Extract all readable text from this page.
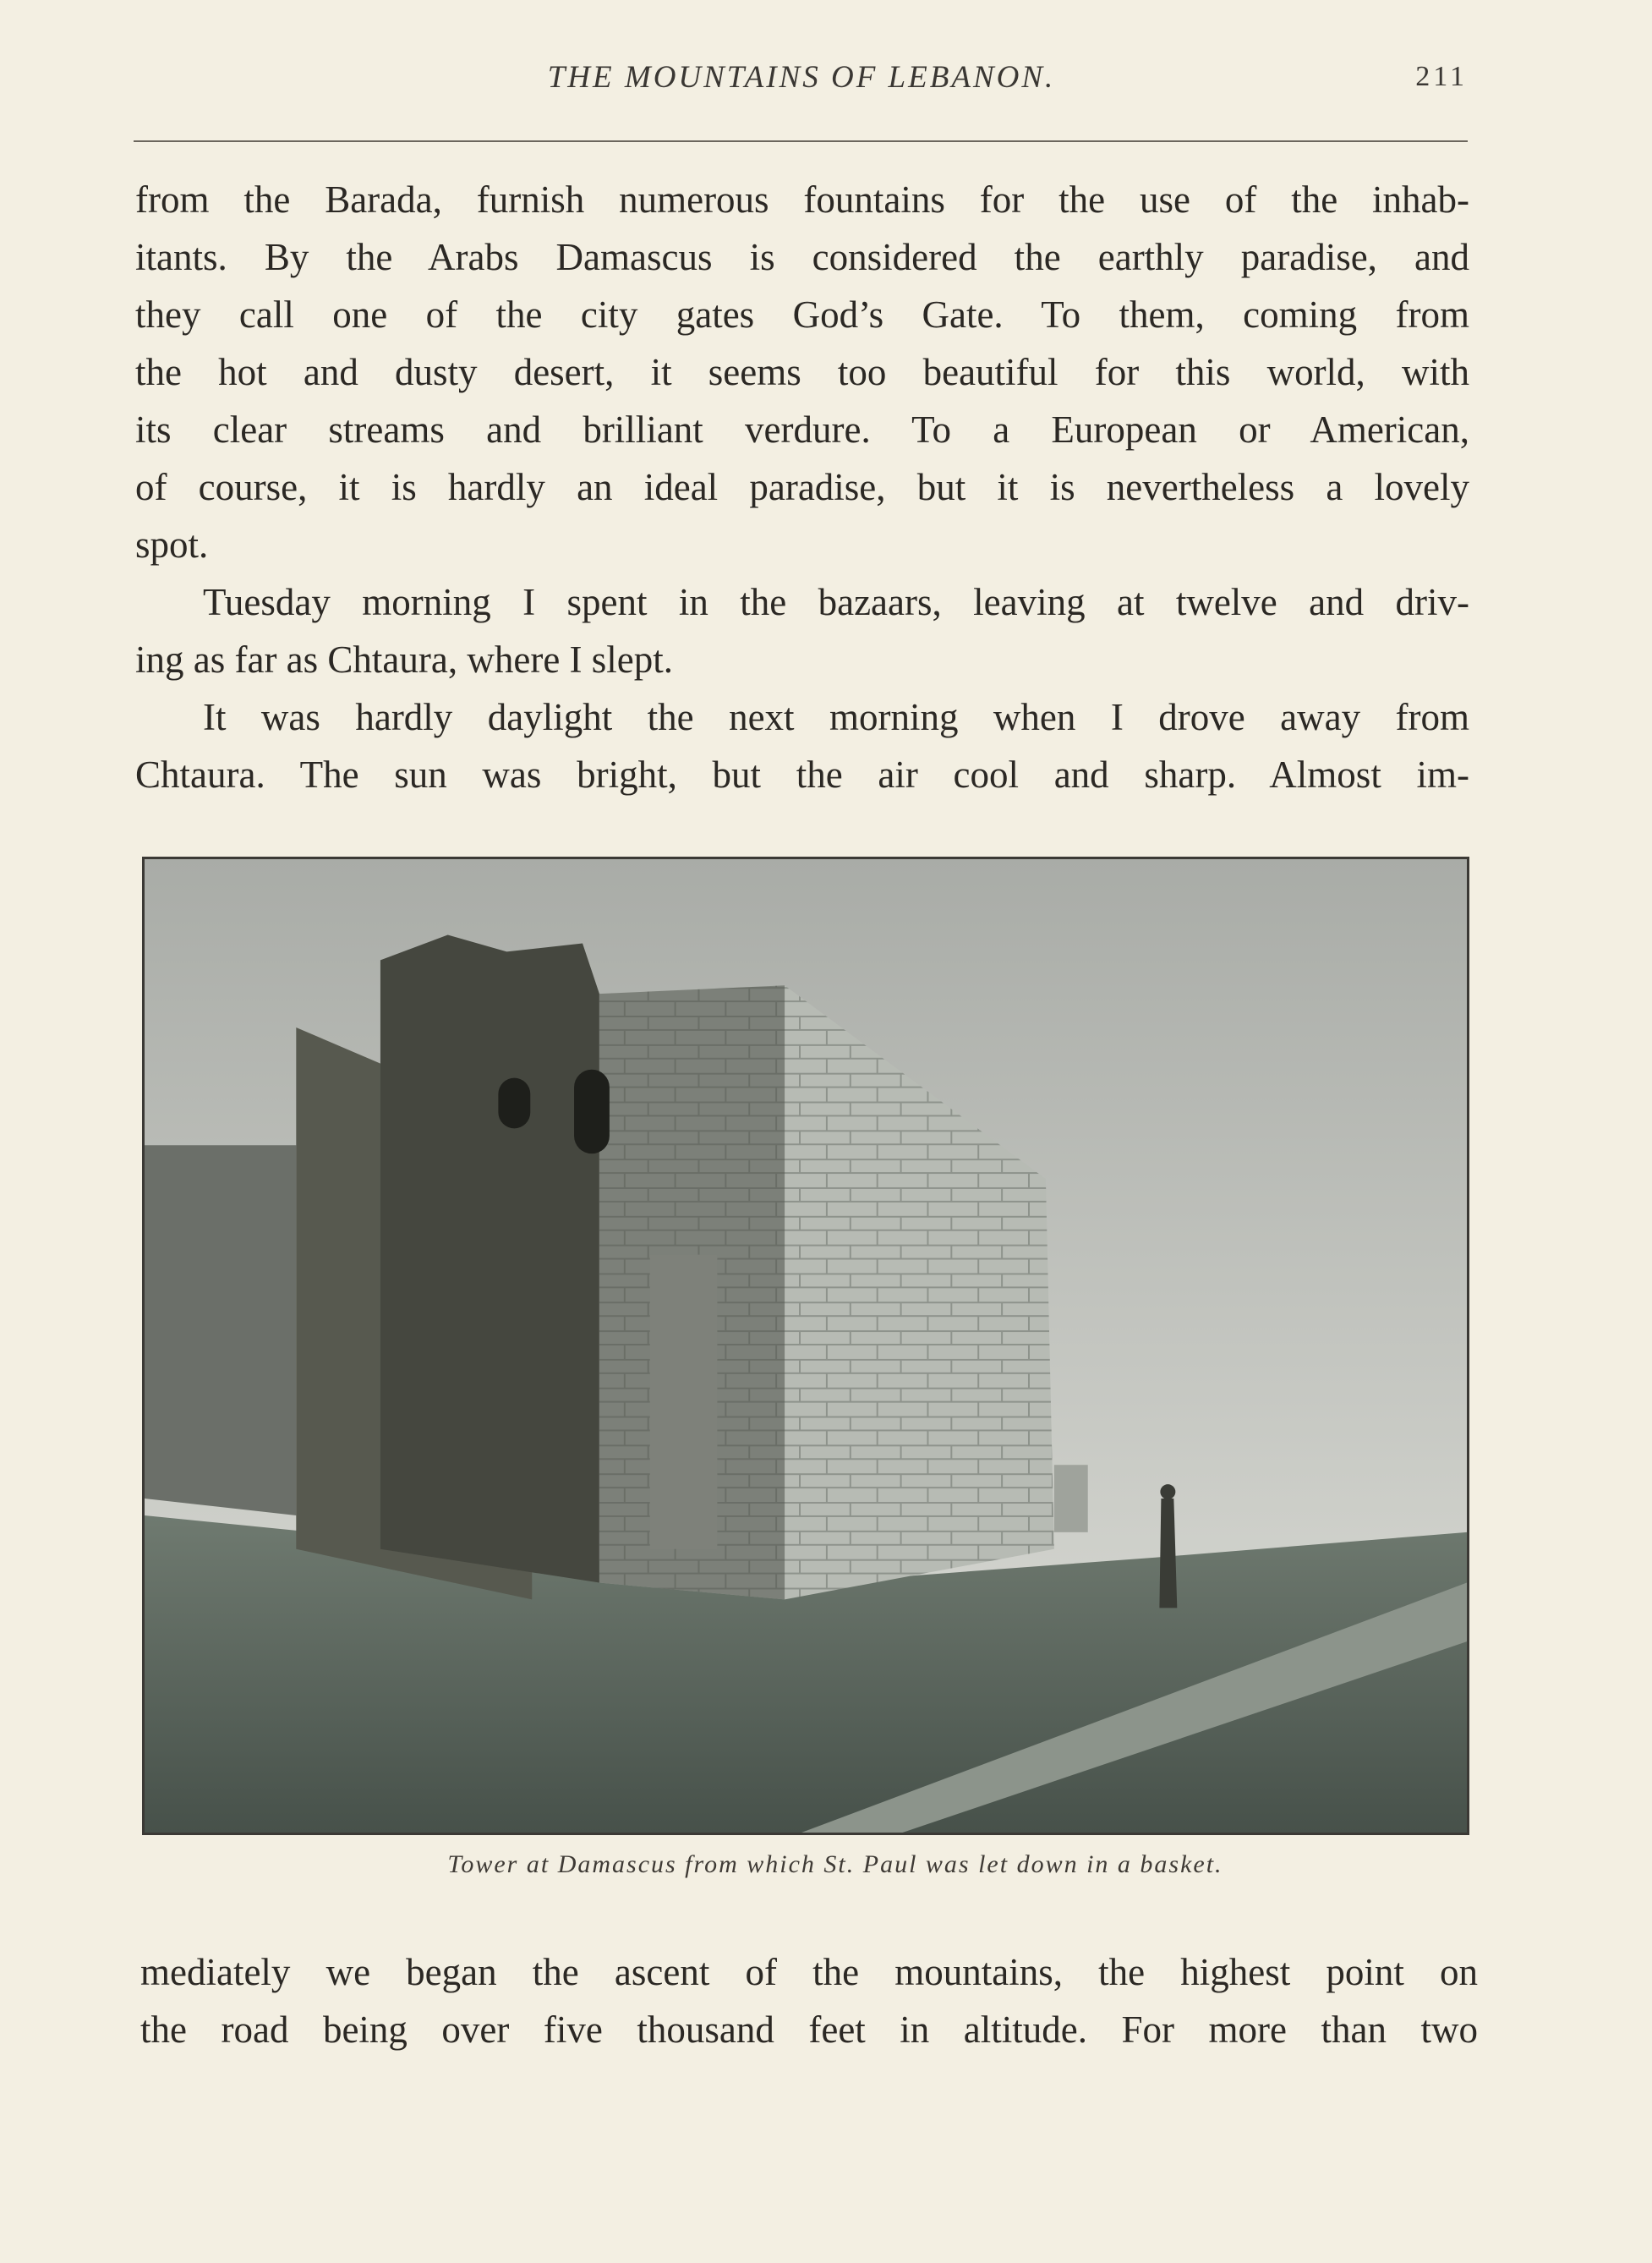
THE MOUNTAINS OF LEBANON.	211
from the Barada, furnish numerous fountains for the use of the inhab-
itants. By the Arabs Damascus is considered the earthly paradise, and
they call one of the city gates God’s Gate. To them, coming from
the hot and dusty desert, it seems too beautiful for this world, with
its clear streams and brilliant verdure. To a European or American,
of course, it is hardly an ideal paradise, but it is nevertheless a lovely
spot.
Tuesday morning I spent in the bazaars, leaving at twelve and driv-
ing as far as Chtaura, where I slept.
It was hardly daylight the next morning when I drove away from
Chtaura. The sun was bright, but the air cool and sharp. Almost im-
Tower at Damascus from which St. Paul was let down in a basket.
mediately we began the ascent of the mountains, the highest point on
the road being over five thousand feet in altitude. For more than two
